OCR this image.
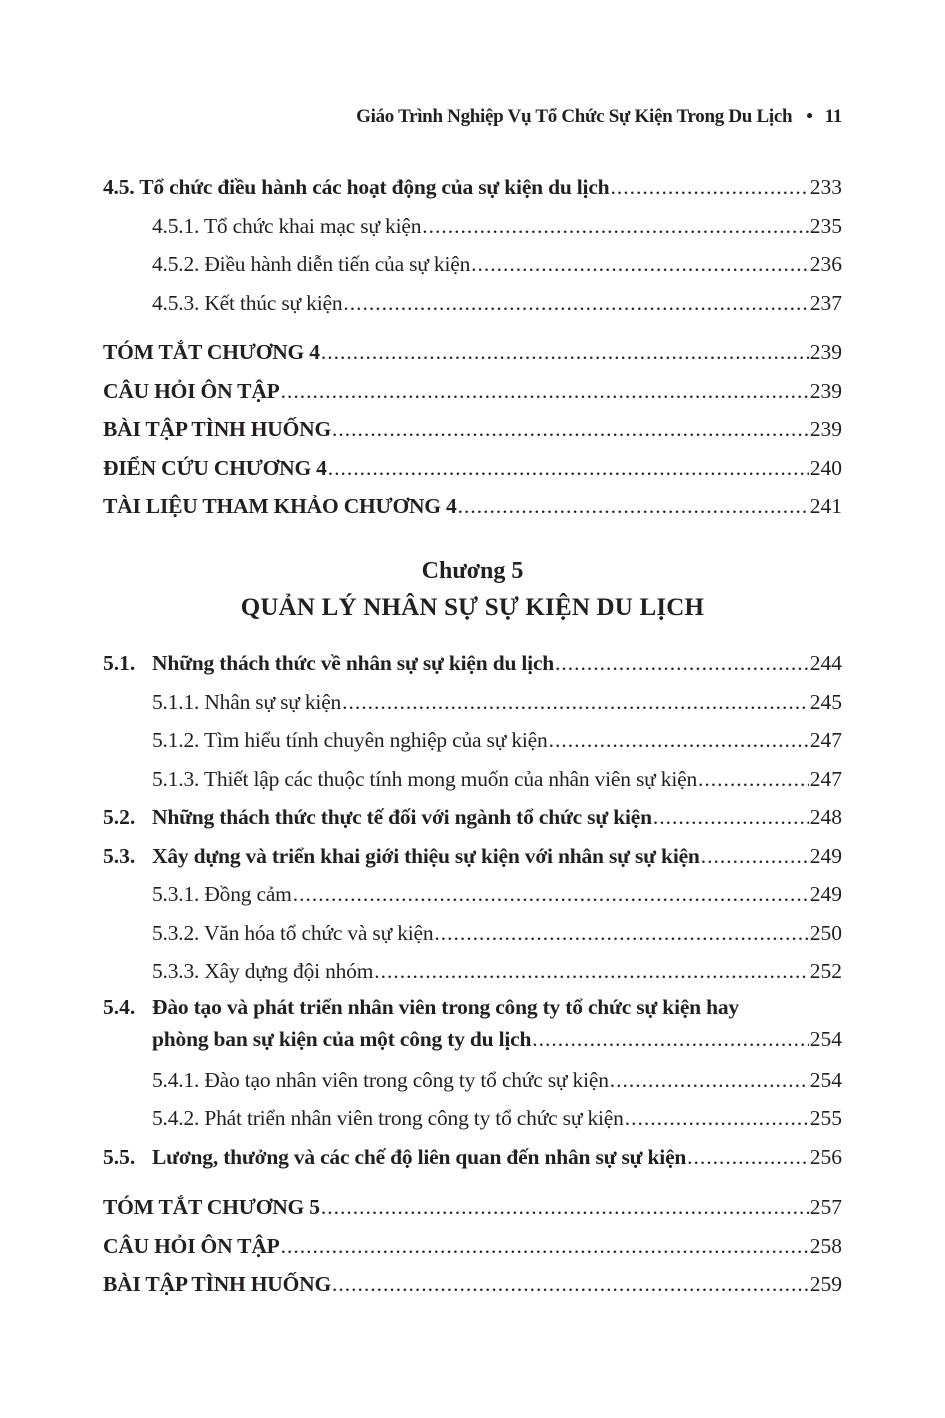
Giáo Trình Nghiệp Vụ Tổ Chức Sự Kiện Trong Du Lịch • 11
4.5. Tổ chức điều hành các hoạt động của sự kiện du lịch .....	233
4.5.1. Tổ chức khai mạc sự kiện .....	235
4.5.2. Điều hành diễn tiến của sự kiện .....	236
4.5.3. Kết thúc sự kiện .....	237
TÓM TẮT CHƯƠNG 4 .....	239
CÂU HỎI ÔN TẬP .....	239
BÀI TẬP TÌNH HUỐNG .....	239
ĐIỂN CỨU CHƯƠNG 4 .....	240
TÀI LIỆU THAM KHẢO CHƯƠNG 4 .....	241
Chương 5
QUẢN LÝ NHÂN SỰ SỰ KIỆN DU LỊCH
5.1. Những thách thức về nhân sự sự kiện du lịch .....	244
5.1.1. Nhân sự sự kiện .....	245
5.1.2. Tìm hiểu tính chuyên nghiệp của sự kiện .....	247
5.1.3. Thiết lập các thuộc tính mong muốn của nhân viên sự kiện .....	247
5.2. Những thách thức thực tế đối với ngành tổ chức sự kiện .....	248
5.3. Xây dựng và triển khai giới thiệu sự kiện với nhân sự sự kiện .....	249
5.3.1. Đồng cảm .....	249
5.3.2. Văn hóa tổ chức và sự kiện .....	250
5.3.3. Xây dựng đội nhóm .....	252
5.4. Đào tạo và phát triển nhân viên trong công ty tổ chức sự kiện hay
phòng ban sự kiện của một công ty du lịch .....	254
5.4.1. Đào tạo nhân viên trong công ty tổ chức sự kiện .....	254
5.4.2. Phát triển nhân viên trong công ty tổ chức sự kiện .....	255
5.5. Lương, thưởng và các chế độ liên quan đến nhân sự sự kiện .....	256
TÓM TẮT CHƯƠNG 5 .....	257
CÂU HỎI ÔN TẬP .....	258
BÀI TẬP TÌNH HUỐNG .....	259
